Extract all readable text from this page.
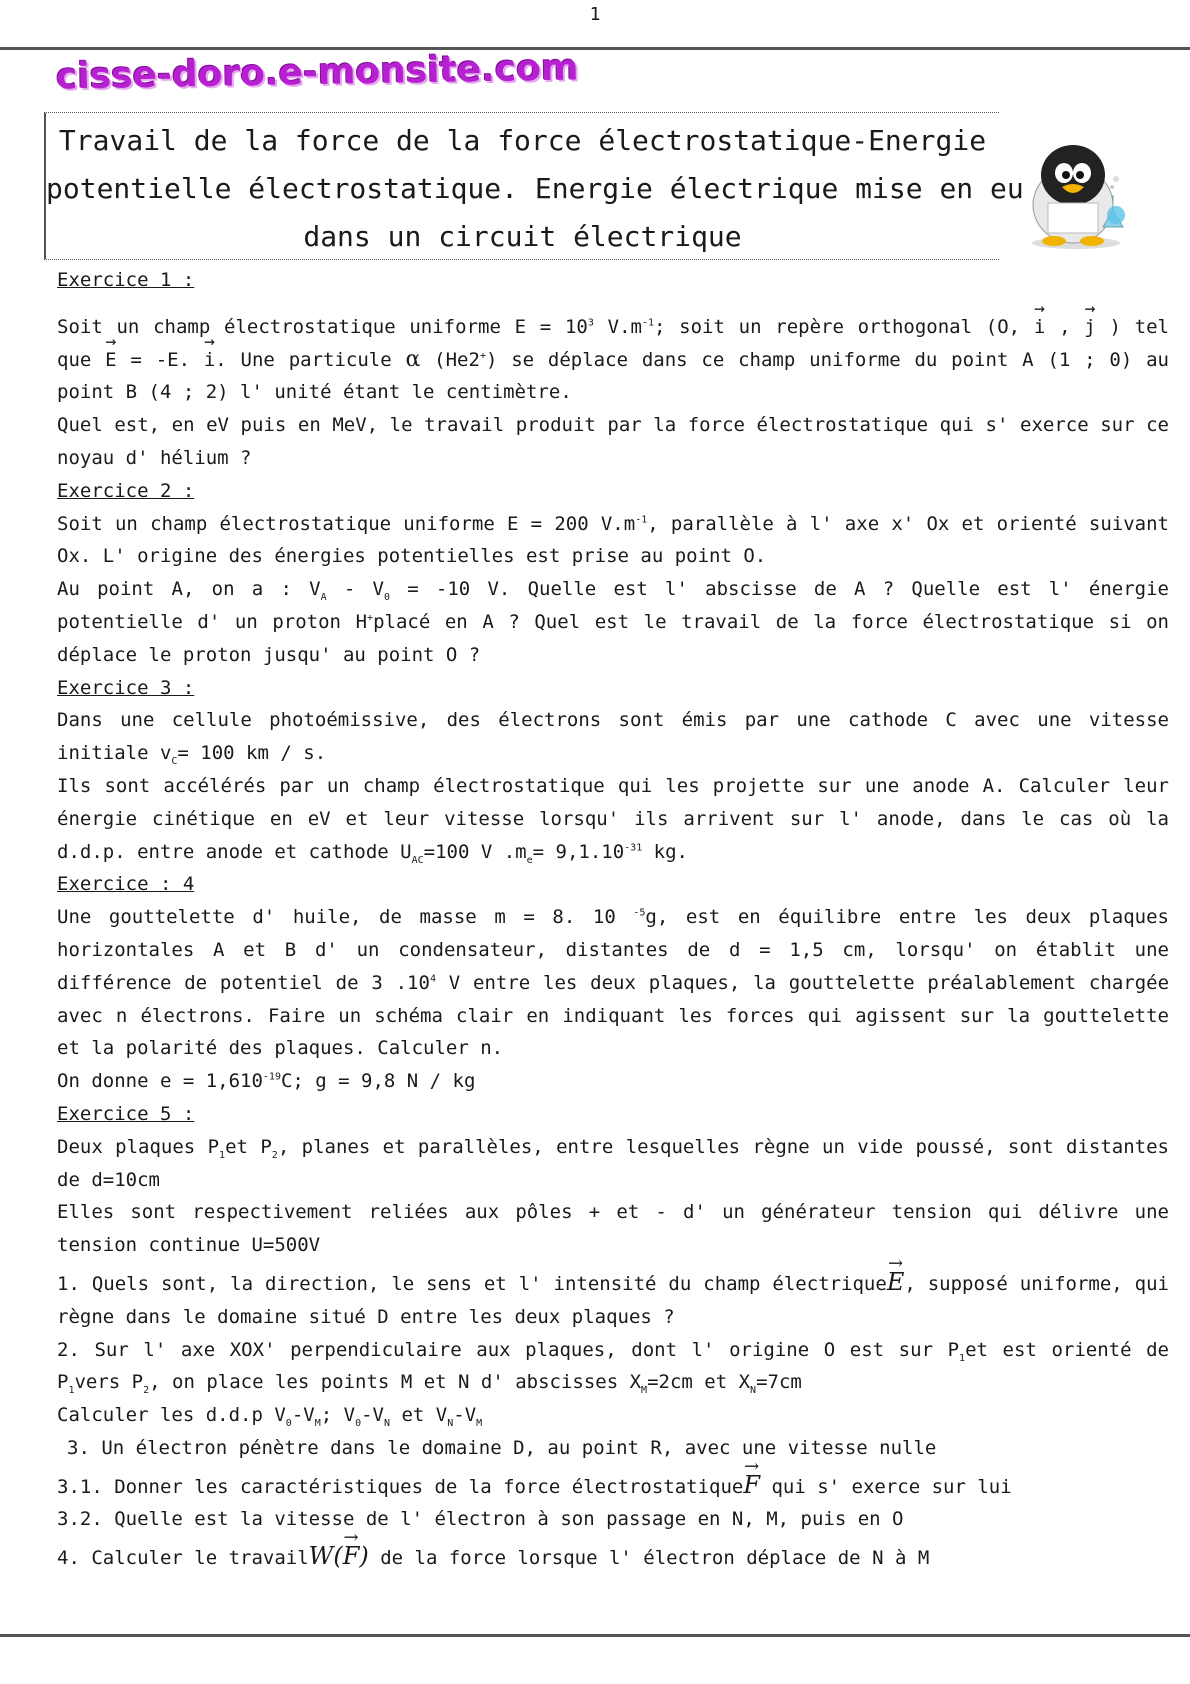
1
cisse-doro.e-monsite.com
Travail de la force de la force électrostatique-Energie
potentielle électrostatique. Energie électrique mise en eu
dans un circuit électrique

Exercice 1 :

Soit un champ électrostatique uniforme $E = 10^3$ $V.m^{-1}$; soit un repère orthogonal (O, → i , → j ) tel que → E = -E. → i. Une particule α (He2+) se déplace dans ce champ uniforme du point A (1 ; 0) au point B (4 ; 2) l' unité étant le centimètre.

Quel est, en eV puis en MeV, le travail produit par la force électrostatique qui s' exerce sur ce noyau d' hélium ?

Exercice 2 :

Soit un champ électrostatique uniforme E = 200 $V.m^{-1}$, parallèle à l' axe x' Ox et orienté suivant Ox. L' origine des énergies potentielles est prise au point O.

Au point A, on a : $V_A - V_0 = -10$ V. Quelle est l' abscisse de A ? Quelle est l' énergie potentielle d' un proton H+placé en A ? Quel est le travail de la force électrostatique si on déplace le proton jusqu' au point O ?

Exercice 3 :

Dans une cellule photoémissive, des électrons sont émis par une cathode C avec une vitesse initiale $v_C= 100$ km / s.

Ils sont accélérés par un champ électrostatique qui les projette sur une anode A. Calculer leur énergie cinétique en eV et leur vitesse lorsqu' ils arrivent sur l' anode, dans le cas où la d.d.p. entre anode et cathode $U_{AC}=100$ V $.m_e= 9,1.10^{-31}$ kg.

Exercice : 4

Une gouttelette d' huile, de masse m = 8. 10 $^{-5}$g, est en équilibre entre les deux plaques horizontales A et B d' un condensateur, distantes de d = 1,5 cm, lorsqu' on établit une différence de potentiel de 3 $.10^4$ V entre les deux plaques, la gouttelette préalablement chargée avec n électrons. Faire un schéma clair en indiquant les forces qui agissent sur la gouttelette et la polarité des plaques. Calculer n.

On donne $e = 1,610^{-19}C$; g = 9,8 N / kg

Exercice 5 :

Deux plaques $P_1et$ $P_2$, planes et parallèles, entre lesquelles règne un vide poussé, sont distantes de d=10cm

Elles sont respectivement reliées aux pôles + et - d' un générateur tension qui délivre une tension continue U=500V

1. Quels sont, la direction, le sens et l' intensité du champ électrique→ E, supposé uniforme, qui règne dans le domaine situé D entre les deux plaques ?

2. Sur l' axe XOX' perpendiculaire aux plaques, dont l' origine O est sur $P_1et$ est orienté de $P_1vers$ $P_2$, on place les points M et N d' abscisses $X_M=2cm$ et $X_N=7cm$

Calculer les d.d.p $V_0-V_M$; $V_0-V_N$ et $V_N-V_M$

3. Un électron pénètre dans le domaine D, au point R, avec une vitesse nulle

3.1. Donner les caractéristiques de la force électrostatique→ F qui s' exerce sur lui

3.2. Quelle est la vitesse de l' électron à son passage en N, M, puis en O

4. Calculer le travailW(→ F) de la force lorsque l' électron déplace de N à M
